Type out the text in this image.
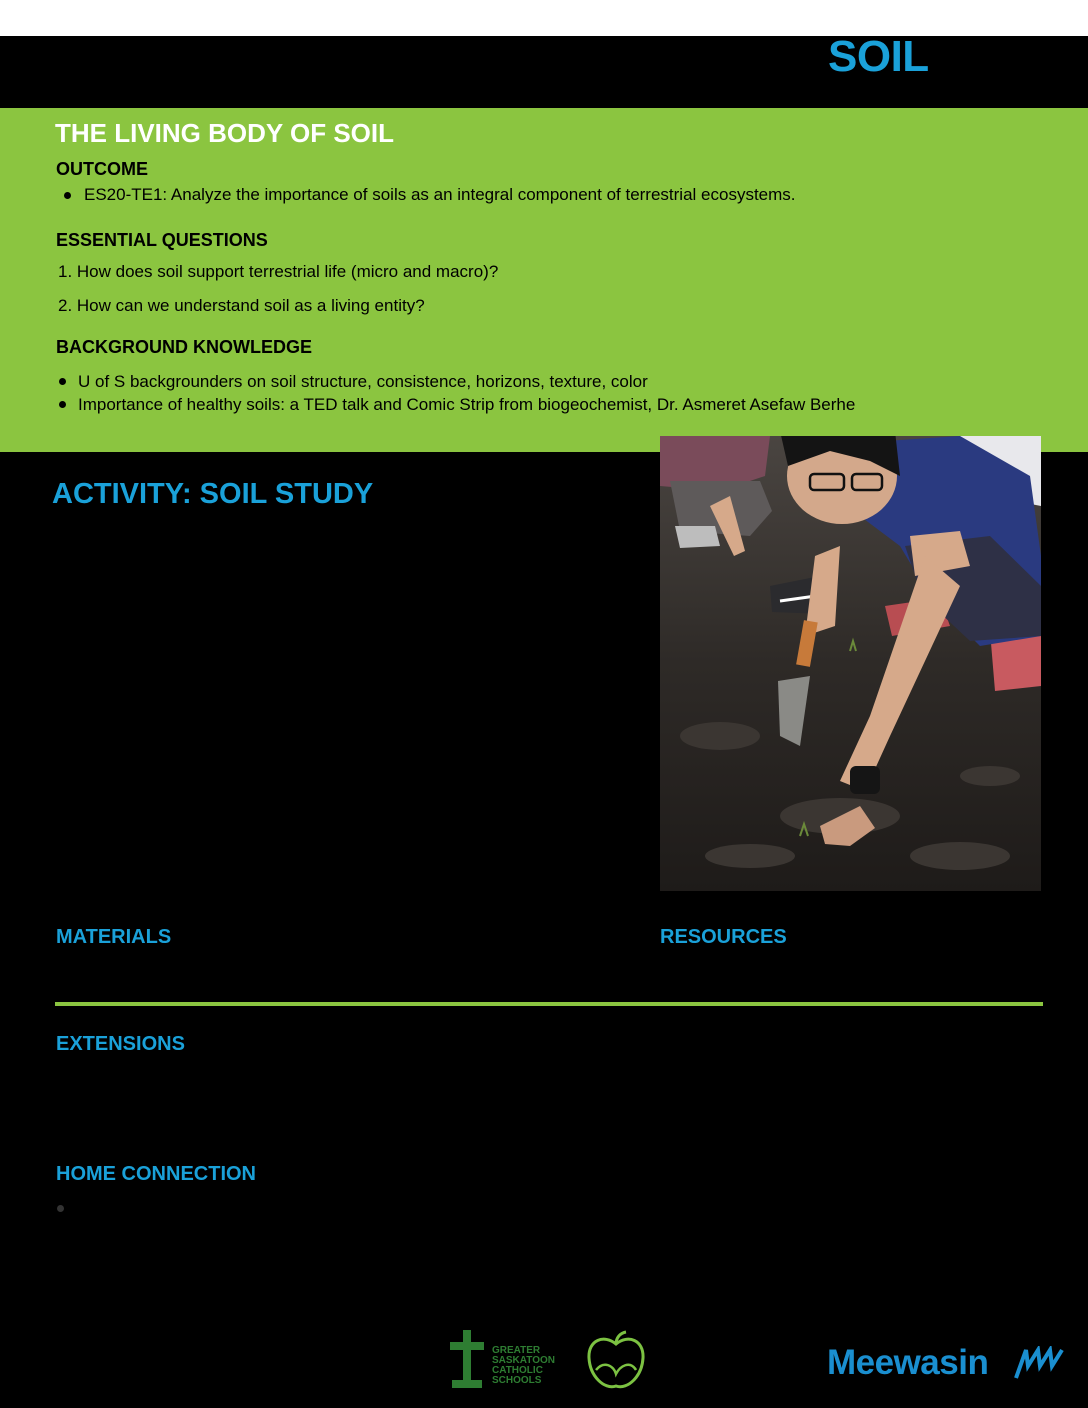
SOIL
THE LIVING BODY OF SOIL
OUTCOME
ES20-TE1: Analyze the importance of soils as an integral component of terrestrial ecosystems.
ESSENTIAL QUESTIONS
1. How does soil support terrestrial life (micro and macro)?
2. How can we understand soil as a living entity?
BACKGROUND KNOWLEDGE
U of S backgrounders on soil structure, consistence, horizons, texture, color
Importance of healthy soils: a TED talk and Comic Strip from biogeochemist, Dr. Asmeret Asefaw Berhe
ACTIVITY: SOIL STUDY
MATERIALS	RESOURCES
EXTENSIONS
HOME CONNECTION
GREATER
SASKATOON
CATHOLIC
SCHOOLS	Meewasin
